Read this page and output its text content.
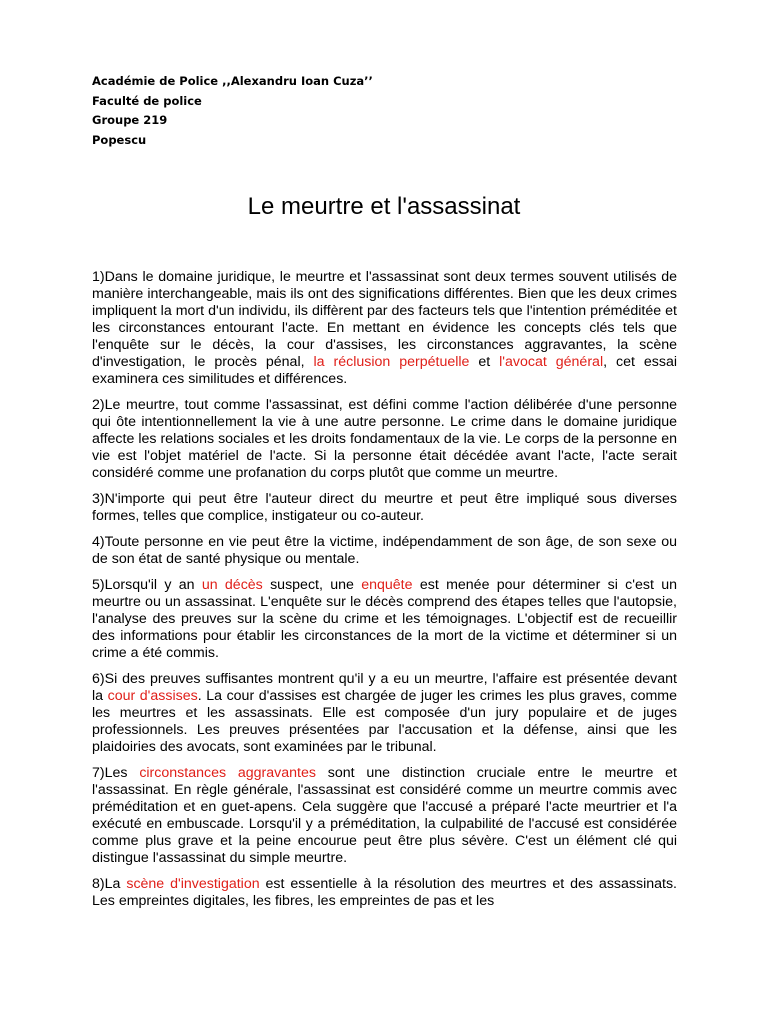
Académie de Police ,,Alexandru Ioan Cuza’’
Faculté de police
Groupe 219
Popescu
Le meurtre et l'assassinat

1)Dans le domaine juridique, le meurtre et l'assassinat sont deux termes souvent utilisés de manière interchangeable, mais ils ont des significations différentes. Bien que les deux crimes impliquent la mort d'un individu, ils diffèrent par des facteurs tels que l'intention préméditée et les circonstances entourant l'acte. En mettant en évidence les concepts clés tels que l'enquête sur le décès, la cour d'assises, les circonstances aggravantes, la scène d'investigation, le procès pénal, la réclusion perpétuelle et l'avocat général, cet essai examinera ces similitudes et différences.

2)Le meurtre, tout comme l'assassinat, est défini comme l'action délibérée d'une personne qui ôte intentionnellement la vie à une autre personne. Le crime dans le domaine juridique affecte les relations sociales et les droits fondamentaux de la vie. Le corps de la personne en vie est l'objet matériel de l'acte. Si la personne était décédée avant l'acte, l'acte serait considéré comme une profanation du corps plutôt que comme un meurtre.

3)N'importe qui peut être l'auteur direct du meurtre et peut être impliqué sous diverses formes, telles que complice, instigateur ou co-auteur.

4)Toute personne en vie peut être la victime, indépendamment de son âge, de son sexe ou de son état de santé physique ou mentale.

5)Lorsqu'il y an un décès suspect, une enquête est menée pour déterminer si c'est un meurtre ou un assassinat. L'enquête sur le décès comprend des étapes telles que l'autopsie, l'analyse des preuves sur la scène du crime et les témoignages. L'objectif est de recueillir des informations pour établir les circonstances de la mort de la victime et déterminer si un crime a été commis.

6)Si des preuves suffisantes montrent qu'il y a eu un meurtre, l'affaire est présentée devant la cour d'assises. La cour d'assises est chargée de juger les crimes les plus graves, comme les meurtres et les assassinats. Elle est composée d'un jury populaire et de juges professionnels. Les preuves présentées par l'accusation et la défense, ainsi que les plaidoiries des avocats, sont examinées par le tribunal.

7)Les circonstances aggravantes sont une distinction cruciale entre le meurtre et l'assassinat. En règle générale, l'assassinat est considéré comme un meurtre commis avec préméditation et en guet-apens. Cela suggère que l'accusé a préparé l'acte meurtrier et l'a exécuté en embuscade. Lorsqu'il y a préméditation, la culpabilité de l'accusé est considérée comme plus grave et la peine encourue peut être plus sévère. C'est un élément clé qui distingue l'assassinat du simple meurtre.

8)La scène d'investigation est essentielle à la résolution des meurtres et des assassinats. Les empreintes digitales, les fibres, les empreintes de pas et les
